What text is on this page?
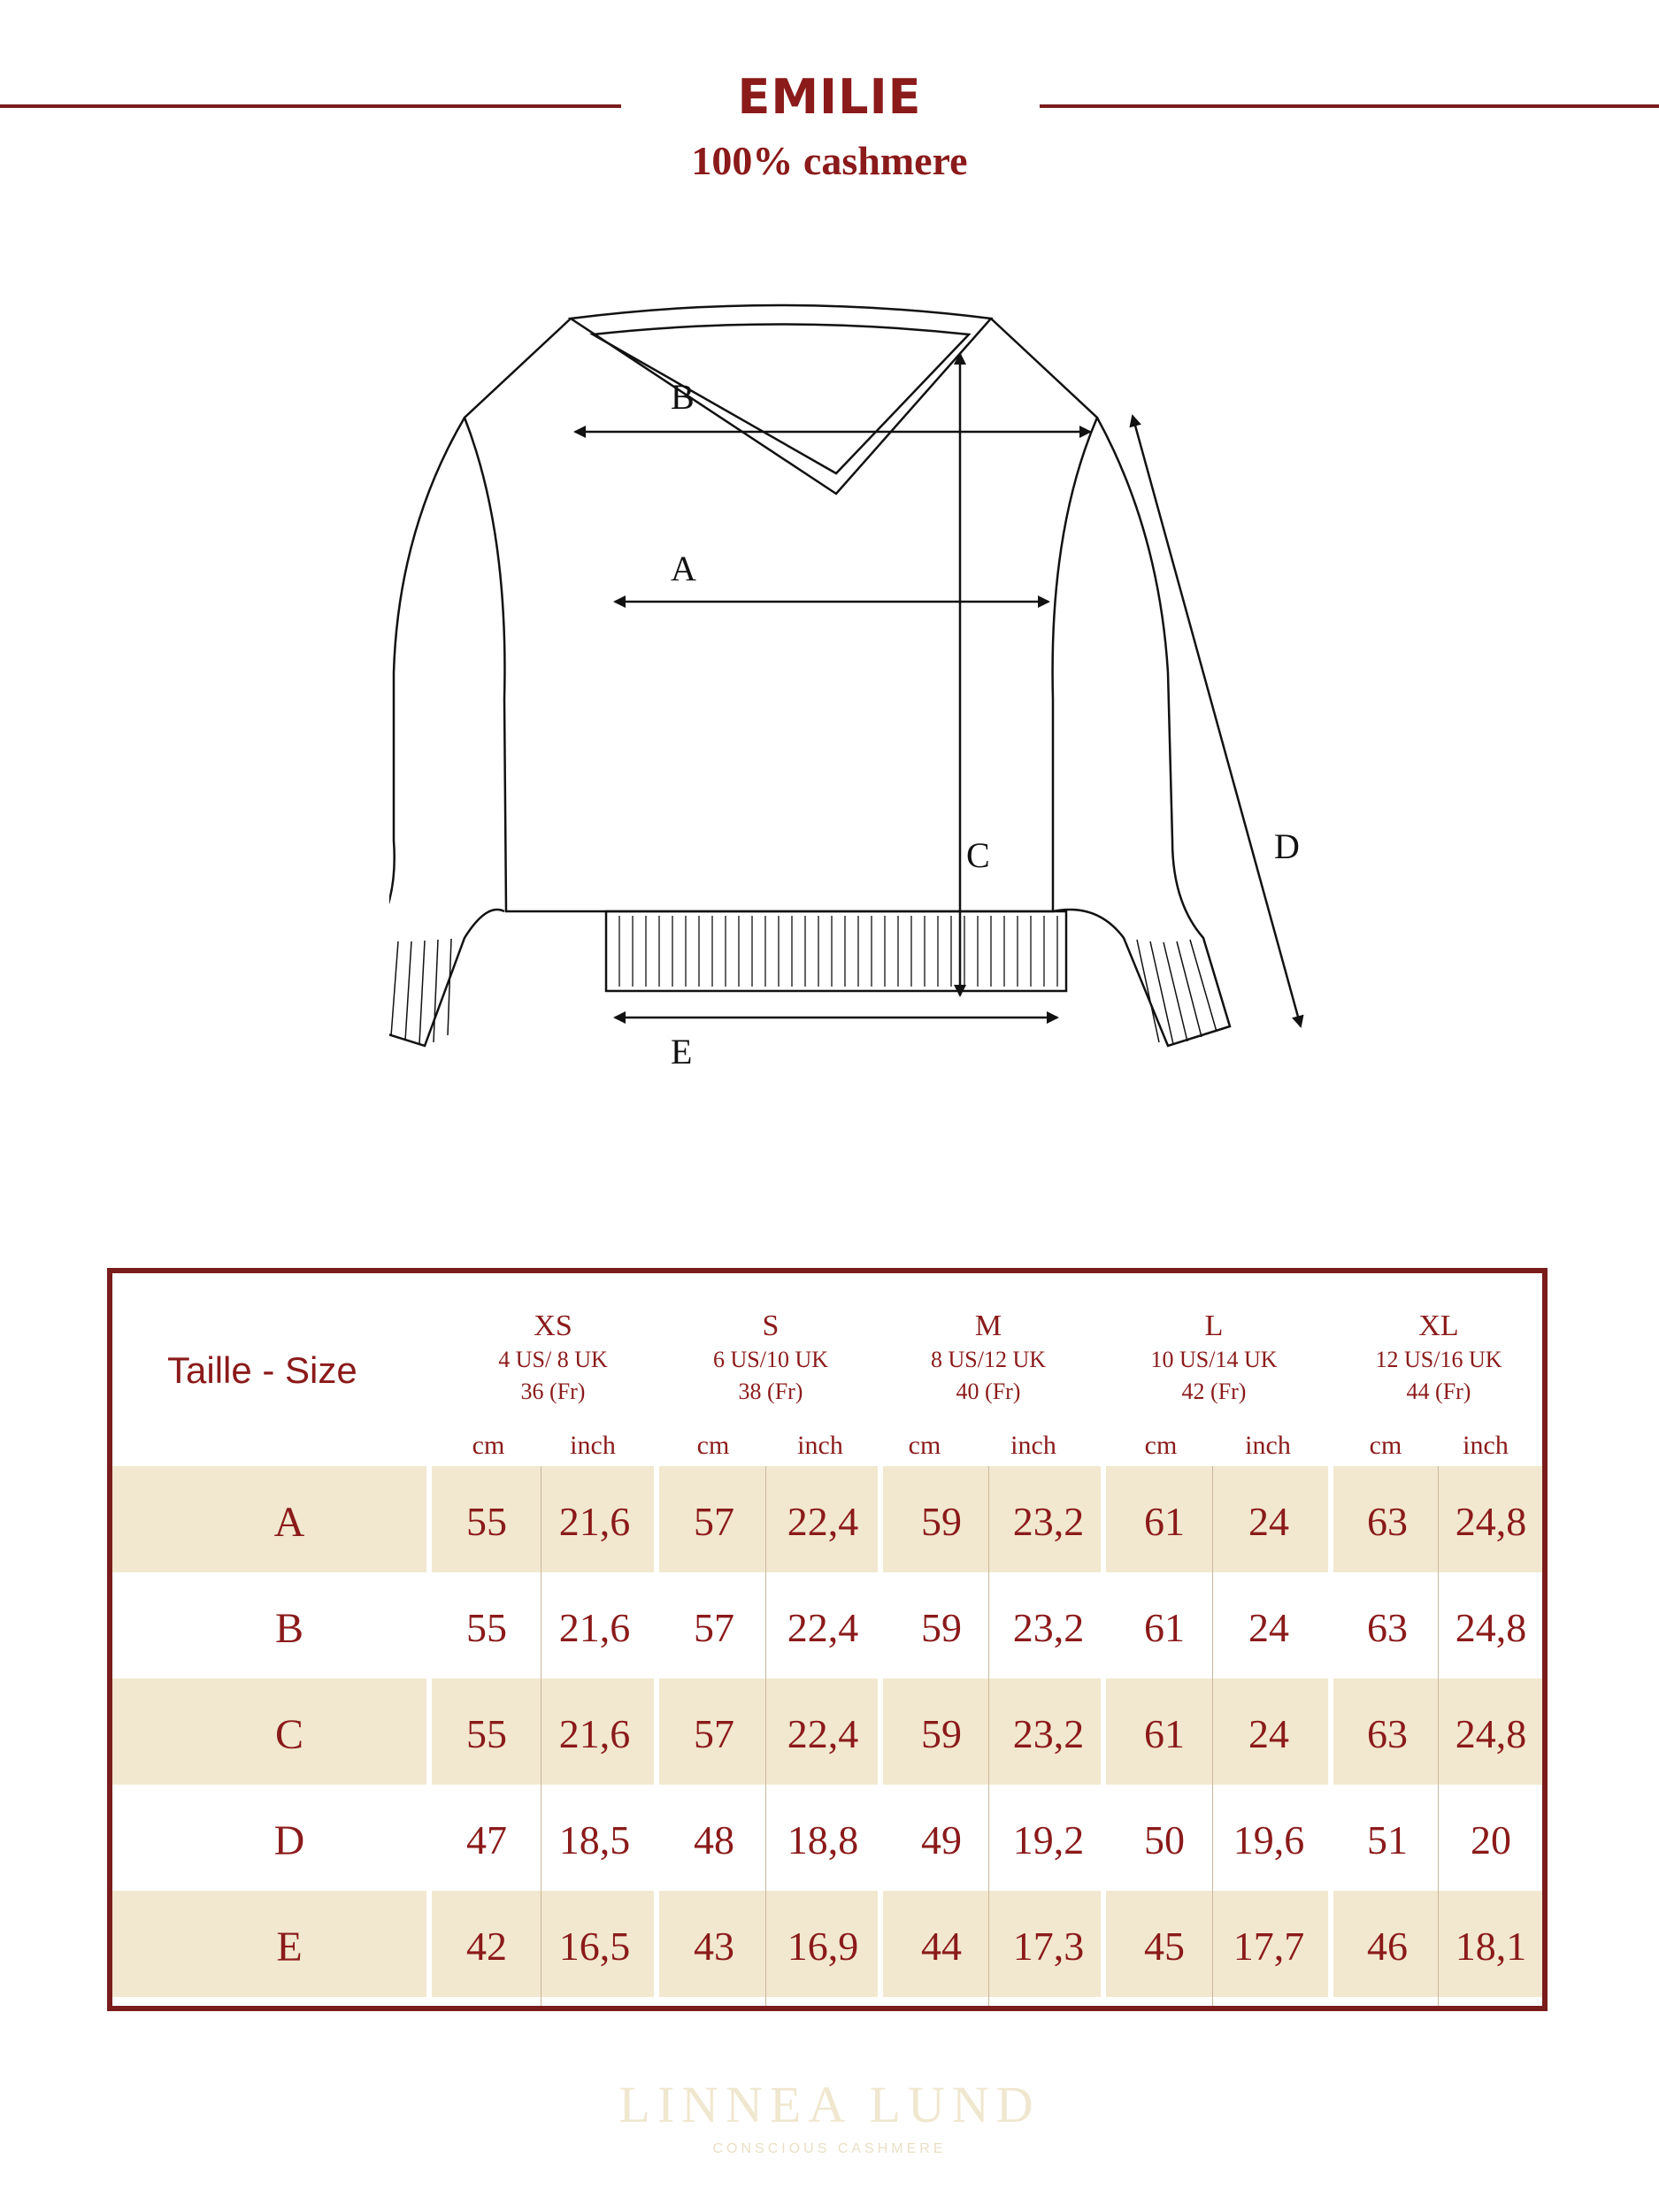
EMILIE
100% cashmere
B
A
C
E
D
Taille - Size
XS
4 US/ 8 UK
36 (Fr)
S
6 US/10 UK
38 (Fr)
M
8 US/12 UK
40 (Fr)
L
10 US/14 UK
42 (Fr)
XL
12 US/16 UK
44 (Fr)
cm	inch	cm	inch	cm	inch	cm	inch	cm	inch
A	55	21,6	57	22,4	59	23,2	61	24	63	24,8
B	55	21,6	57	22,4	59	23,2	61	24	63	24,8
C	55	21,6	57	22,4	59	23,2	61	24	63	24,8
D	47	18,5	48	18,8	49	19,2	50	19,6	51	20
E	42	16,5	43	16,9	44	17,3	45	17,7	46	18,1
LINNEA LUND
CONSCIOUS CASHMERE
